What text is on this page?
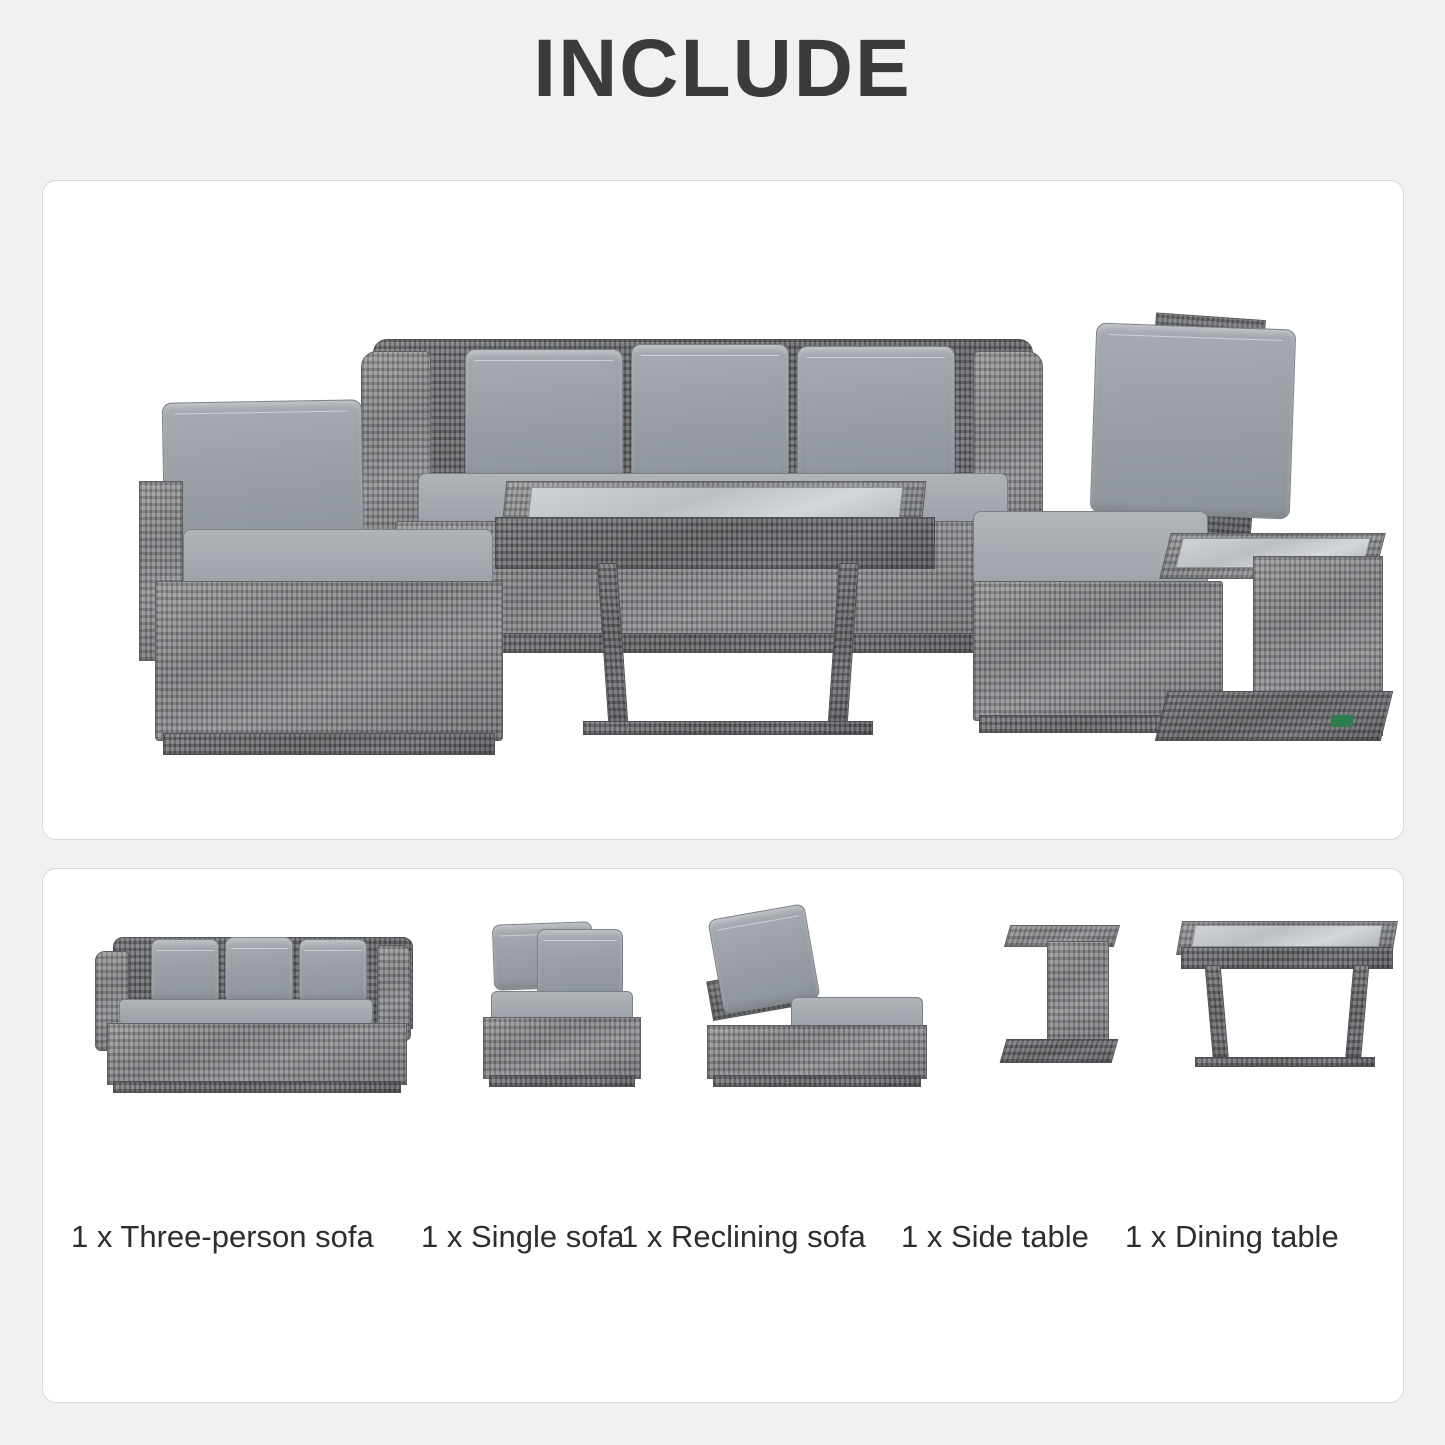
INCLUDE
1 x Three-person sofa 1 x Single sofa
1 x Reclining sofa 1 x Side table 1 x Dining table
